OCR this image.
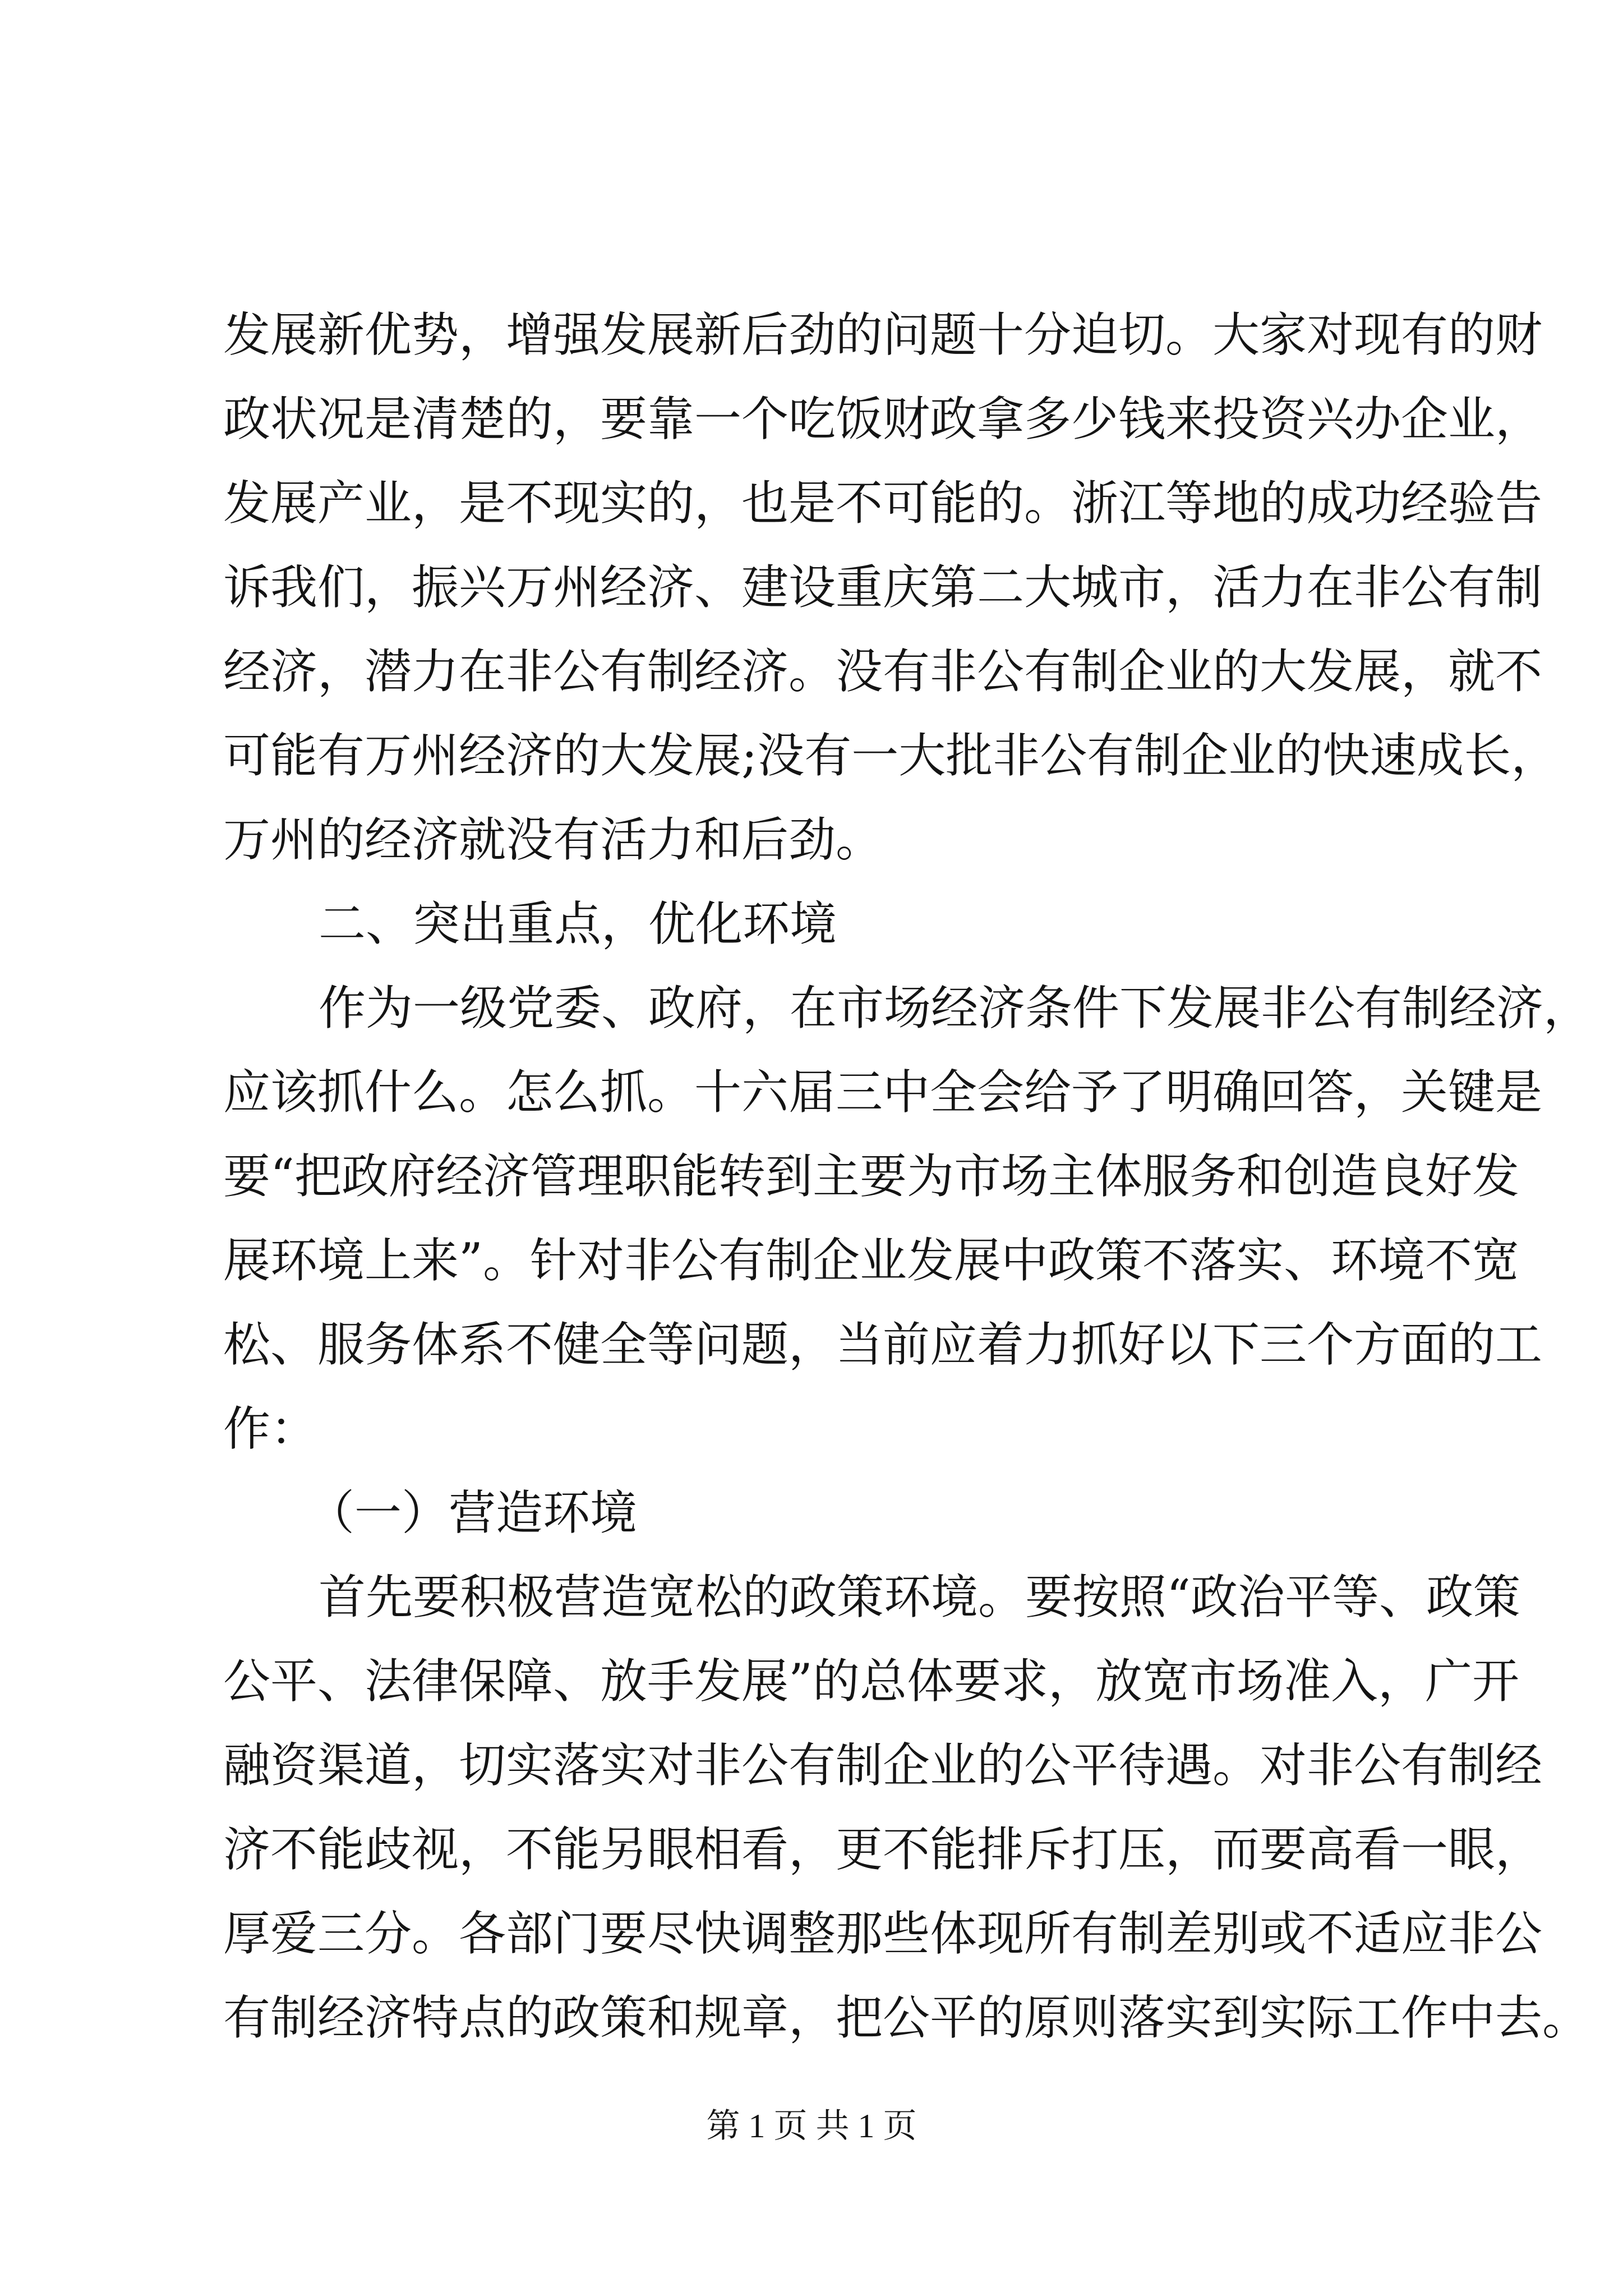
发展新优势，增强发展新后劲的问题十分迫切。大家对现有的财
政状况是清楚的，要靠一个吃饭财政拿多少钱来投资兴办企业，
发展产业，是不现实的，也是不可能的。浙江等地的成功经验告
诉我们，振兴万州经济、建设重庆第二大城市，活力在非公有制
经济，潜力在非公有制经济。没有非公有制企业的大发展，就不
可能有万州经济的大发展;没有一大批非公有制企业的快速成长，
万州的经济就没有活力和后劲。
二、突出重点，优化环境
作为一级党委、政府，在市场经济条件下发展非公有制经济，
应该抓什么。怎么抓。十六届三中全会给予了明确回答，关键是
要“把政府经济管理职能转到主要为市场主体服务和创造良好发
展环境上来”。针对非公有制企业发展中政策不落实、环境不宽
松、服务体系不健全等问题，当前应着力抓好以下三个方面的工
作：
（一）营造环境
首先要积极营造宽松的政策环境。要按照“政治平等、政策
公平、法律保障、放手发展”的总体要求，放宽市场准入，广开
融资渠道，切实落实对非公有制企业的公平待遇。对非公有制经
济不能歧视，不能另眼相看，更不能排斥打压，而要高看一眼，
厚爱三分。各部门要尽快调整那些体现所有制差别或不适应非公
有制经济特点的政策和规章，把公平的原则落实到实际工作中去。
第 1 页 共 1 页
